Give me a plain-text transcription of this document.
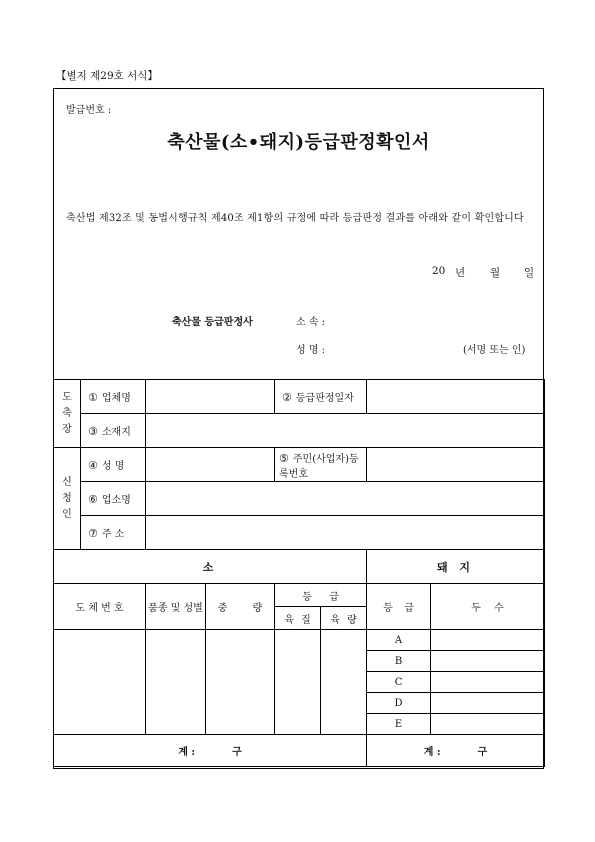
【별지 제29호 서식】
발급번호 :
축산물(소•돼지)등급판정확인서
축산법 제32조 및 동법시행규칙 제40조 제1항의 규정에 따라 등급판정 결과를 아래와 같이 확인합니다
20 년 월 일
축산물 등급판정사	소 속 :
성 명 :	(서명 또는 인)
도
축
장	① 업체명			② 등급판정일자			
	③ 소재지						

신
청
인	④ 성 명			⑤ 주민(사업자)등록번호			
	⑥ 업소명						
	⑦ 주 소						
소						돼 지	
도 체 번 호		품종 및 성별	중 량	등 급		등 급	두 수
				육 질	육 량		
						A	
						B	
						C	
						D	
						E	
계 : 구						계 : 구	
